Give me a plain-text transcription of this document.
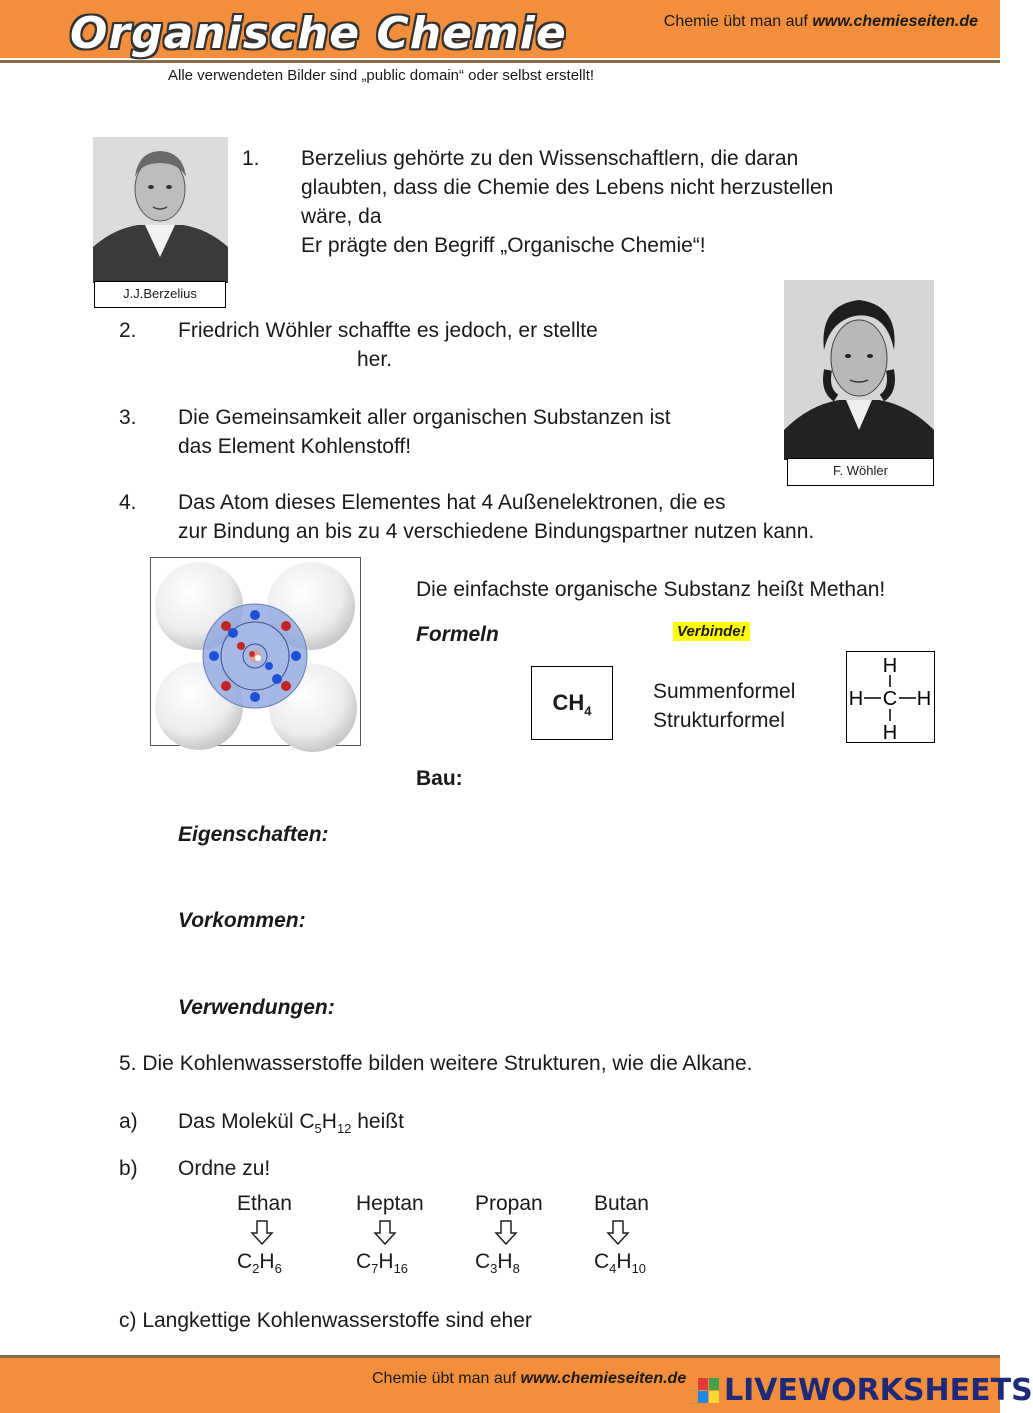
Organische Chemie	Chemie übt man auf www.chemieseiten.de
Alle verwendeten Bilder sind „public domain“ oder selbst erstellt!
J.J.Berzelius
F. Wöhler
1.	Berzelius gehörte zu den Wissenschaftlern, die daran
glaubten, dass die Chemie des Lebens nicht herzustellen
wäre, da
Er prägte den Begriff „Organische Chemie“!
2.	Friedrich Wöhler schaffte es jedoch, er stellte
her.
3.	Die Gemeinsamkeit aller organischen Substanzen ist
das Element Kohlenstoff!
4.	Das Atom dieses Elementes hat 4 Außenelektronen, die es
zur Bindung an bis zu 4 verschiedene Bindungspartner nutzen kann.
Die einfachste organische Substanz heißt Methan!
Formeln	Verbinde!
$CH_4$
Summenformel
Strukturformel
H
C
H	H
H
Bau:
Eigenschaften:
Vorkommen:
Verwendungen:
5. Die Kohlenwasserstoffe bilden weitere Strukturen, wie die Alkane.
a) Das Molekül $C_5H_{12}$ heißt
b) Ordne zu!
Ethan	Heptan Propan Butan
$C_2H_6$	$C_7H_{16}$	$C_3H_8$	$C_4H_{10}$
c) Langkettige Kohlenwasserstoffe sind eher
Chemie übt man auf www.chemieseiten.de LIVEWORKSHEETS
